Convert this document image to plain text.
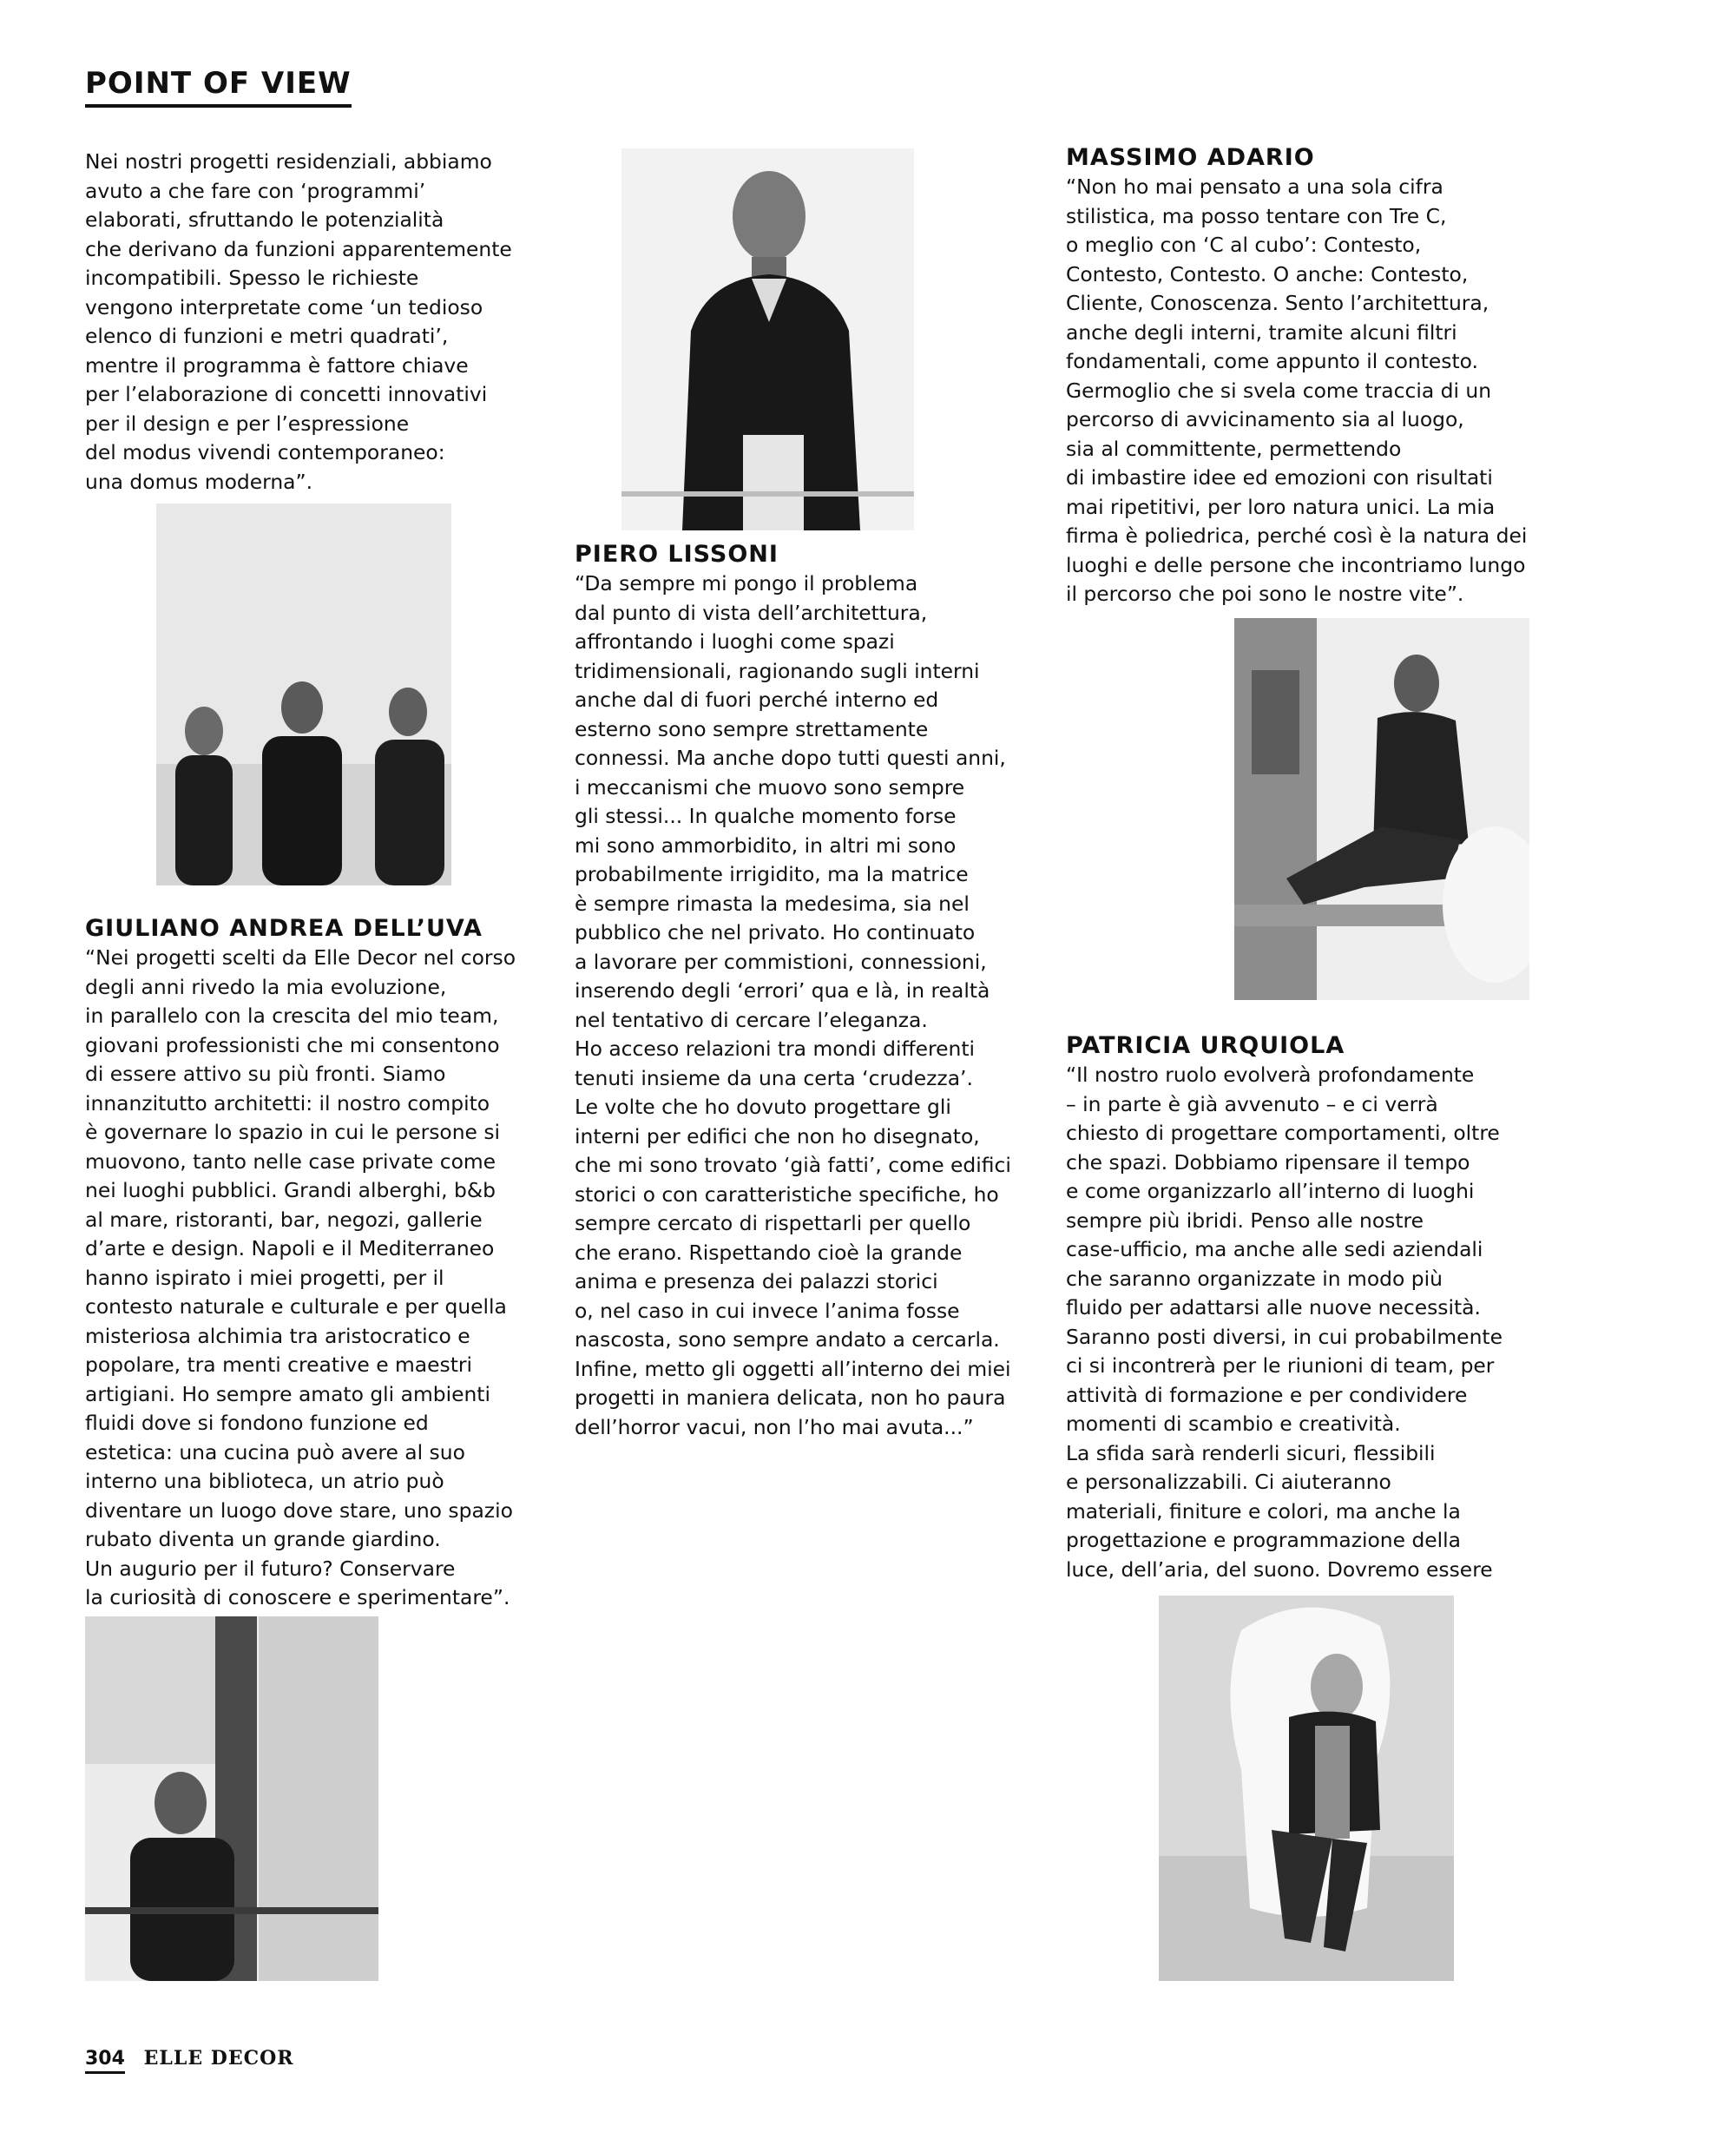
POINT OF VIEW
Nei nostri progetti residenziali, abbiamo
avuto a che fare con ‘programmi’
elaborati, sfruttando le potenzialità
che derivano da funzioni apparentemente
incompatibili. Spesso le richieste
vengono interpretate come ‘un tedioso
elenco di funzioni e metri quadrati’,
mentre il programma è fattore chiave
per l’elaborazione di concetti innovativi
per il design e per l’espressione
del modus vivendi contemporaneo:
una domus moderna”.
GIULIANO ANDREA DELL’UVA
“Nei progetti scelti da Elle Decor nel corso
degli anni rivedo la mia evoluzione,
in parallelo con la crescita del mio team,
giovani professionisti che mi consentono
di essere attivo su più fronti. Siamo
innanzitutto architetti: il nostro compito
è governare lo spazio in cui le persone si
muovono, tanto nelle case private come
nei luoghi pubblici. Grandi alberghi, b&b
al mare, ristoranti, bar, negozi, gallerie
d’arte e design. Napoli e il Mediterraneo
hanno ispirato i miei progetti, per il
contesto naturale e culturale e per quella
misteriosa alchimia tra aristocratico e
popolare, tra menti creative e maestri
artigiani. Ho sempre amato gli ambienti
fluidi dove si fondono funzione ed
estetica: una cucina può avere al suo
interno una biblioteca, un atrio può
diventare un luogo dove stare, uno spazio
rubato diventa un grande giardino.
Un augurio per il futuro? Conservare
la curiosità di conoscere e sperimentare”.
PIERO LISSONI
“Da sempre mi pongo il problema
dal punto di vista dell’architettura,
affrontando i luoghi come spazi
tridimensionali, ragionando sugli interni
anche dal di fuori perché interno ed
esterno sono sempre strettamente
connessi. Ma anche dopo tutti questi anni,
i meccanismi che muovo sono sempre
gli stessi... In qualche momento forse
mi sono ammorbidito, in altri mi sono
probabilmente irrigidito, ma la matrice
è sempre rimasta la medesima, sia nel
pubblico che nel privato. Ho continuato
a lavorare per commistioni, connessioni,
inserendo degli ‘errori’ qua e là, in realtà
nel tentativo di cercare l’eleganza.
Ho acceso relazioni tra mondi differenti
tenuti insieme da una certa ‘crudezza’.
Le volte che ho dovuto progettare gli
interni per edifici che non ho disegnato,
che mi sono trovato ‘già fatti’, come edifici
storici o con caratteristiche specifiche, ho
sempre cercato di rispettarli per quello
che erano. Rispettando cioè la grande
anima e presenza dei palazzi storici
o, nel caso in cui invece l’anima fosse
nascosta, sono sempre andato a cercarla.
Infine, metto gli oggetti all’interno dei miei
progetti in maniera delicata, non ho paura
dell’horror vacui, non l’ho mai avuta...”
MASSIMO ADARIO
“Non ho mai pensato a una sola cifra
stilistica, ma posso tentare con Tre C,
o meglio con ‘C al cubo’: Contesto,
Contesto, Contesto. O anche: Contesto,
Cliente, Conoscenza. Sento l’architettura,
anche degli interni, tramite alcuni filtri
fondamentali, come appunto il contesto.
Germoglio che si svela come traccia di un
percorso di avvicinamento sia al luogo,
sia al committente, permettendo
di imbastire idee ed emozioni con risultati
mai ripetitivi, per loro natura unici. La mia
firma è poliedrica, perché così è la natura dei
luoghi e delle persone che incontriamo lungo
il percorso che poi sono le nostre vite”.
PATRICIA URQUIOLA
“Il nostro ruolo evolverà profondamente
– in parte è già avvenuto – e ci verrà
chiesto di progettare comportamenti, oltre
che spazi. Dobbiamo ripensare il tempo
e come organizzarlo all’interno di luoghi
sempre più ibridi. Penso alle nostre
case-ufficio, ma anche alle sedi aziendali
che saranno organizzate in modo più
fluido per adattarsi alle nuove necessità.
Saranno posti diversi, in cui probabilmente
ci si incontrerà per le riunioni di team, per
attività di formazione e per condividere
momenti di scambio e creatività.
La sfida sarà renderli sicuri, flessibili
e personalizzabili. Ci aiuteranno
materiali, finiture e colori, ma anche la
progettazione e programmazione della
luce, dell’aria, del suono. Dovremo essere
304 ELLE DECOR
